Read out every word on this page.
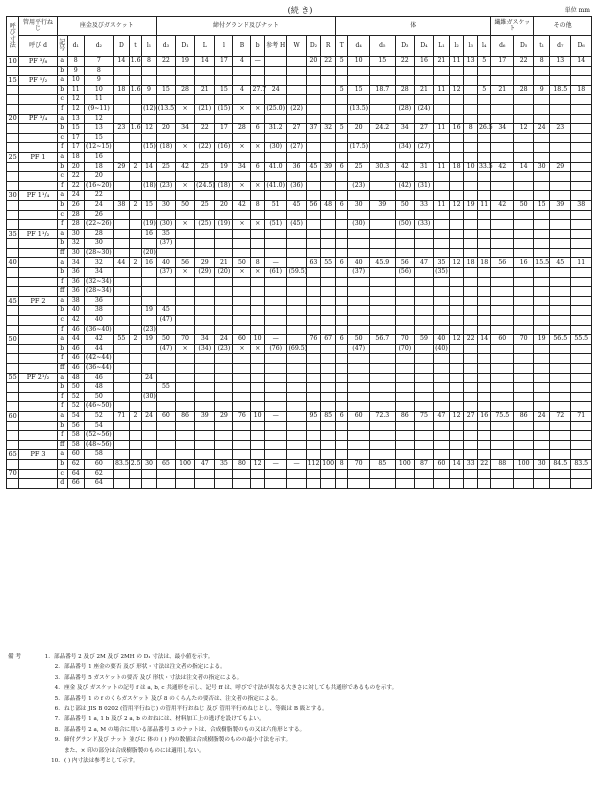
(続 き)	単位 mm
呼び寸法	管用平行ねじ	座金及びガスケット						締付グランド及びナット										体									繊維ガスケット		その他		
	呼び d	記号	d₁	d₂	D	t	l₁	d₃	D₁	L	l	B	b	参考 H	W	D₂	R	T	d₄	d₅	D₃	D₄	L₁	l₂	l₃	l₄	d₆	D₅	t₁	d₇	D₆
10	PF ³/₈	a	8	7	14	1.6	8	22	19	14	17	4	—			20	22	5	10	15	22	16	21	11	13	5	17	22	8	13	14
		b	9	8																											
15	PF ¹/₂	a	10	9																											
		b	11	10	18	1.6	9	15	28	21	15	4	27.7	24				5	15	18.7	28	21	11	12		5	21	28	9	18.5	18
		c	12	11																											
		f	12	(9~11)			(12)	(13.5)	×	(21)	(15)	×	×	(25.0)	(22)				(13.5)		(28)	(24)									
20	PF ³/₄	a	13	12																											
		b	15	13	23	1.6	12	20	34	22	17	28	6	31.2	27	37	32	5	20	24.2	34	27	11	16	8	26.5	34	12	24	23	
		c	17	15																											
		f	17	(12~15)			(15)	(18)	×	(22)	(16)	×	×	(30)	(27)				(17.5)		(34)	(27)									
25	PF 1	a	18	16																											
		b	20	18	29	2	14	25	42	25	19	34	6	41.0	36	45	39	6	25	30.3	42	31	11	18	10	33.5	42	14	30	29	
		c	22	20																											
		f	22	(16~20)			(18)	(23)	×	(24.5)	(18)	×	×	(41.0)	(36)				(23)		(42)	(31)									
30	PF 1¹/₄	a	24	22																											
		b	26	24	38	2	15	30	50	25	20	42	8	51	45	56	48	6	30	39	50	33	11	12	19	11	42	50	15	39	38
		c	28	26																											
		f	28	(22~26)			(19)	(30)	×	(25)	(19)	×	×	(51)	(45)				(30)		(50)	(33)									
35	PF 1¹/₂	a	30	28			16	35																							
		b	32	30				(37)																							
		ff	30	(28~30)			(20)																								
40		a	34	32	44	2	16	40	56	29	21	50	8	—		63	55	6	40	45.9	56	47	35	12	18	18	56	16	15.5	45	11
		b	36	34				(37)	×	(29)	(20)	×	×	(61)	(59.5)				(37)		(56)		(35)								
		f	36	(32~34)																											
		ff	36	(28~34)																											
45	PF 2	a	38	36																											
		b	40	38			19	45																							
		c	42	40				(47)																							
		f	46	(36~40)			(23)																								
50		a	44	42	55	2	19	50	70	34	24	60	10	—		76	67	6	50	56.7	70	59	40	12	22	14	60	70	19	56.5	55.5
		b	46	44				(47)	×	(34)	(23)	×	×	(76)	(69.5)				(47)		(70)		(40)								
		f	46	(42~44)																											
		ff	46	(36~44)																											
55	PF 2¹/₂	a	48	46			24																								
		b	50	48				55																							
		f	52	50			(30)																								
		f	52	(46~50)																											
60		a	54	52	71	2	24	60	86	39	29	76	10	—		95	85	6	60	72.3	86	75	47	12	27	16	75.5	86	24	72	71
		b	56	54																											
		f	58	(52~56)																											
		ff	58	(48~56)																											
65	PF 3	a	60	58																											
		b	62	60	83.5	2.5	30	65	100	47	35	80	12	—	—	112	100	8	70	85	100	87	60	14	33	22	88	100	30	84.5	83.5
70		c	64	62																											
		d	66	64																											
備 考	1. 部品番号 2 及び 2M 及び 2MH の D₁ 寸法は、最小値を示す。
2. 部品番号 1 座金の要否 及び 形状・寸法は注文者の指定による。
3. 部品番号 5 ガスケットの要否 及び 形状・寸法は注文者の指定による。
4. 座金 及び ガスケットの記号 f は a, b, c 共通形を示し、記号 ff は、呼びで寸法が異なる大きさに対しても共通形であるものを示す。
5. 部品番号 1 の f のくらガスケット 及び 8 のくらんたの要否は、注文者の指定による。
6. ねじ部は JIS B 0202 (管用平行ねじ) の管用平行おねじ 及び 管用平行めねじとし、等級は B 級とする。
7. 部品番号 1 a, 1 b 及び 2 a, b のおねには、材料加工上の逃げを設けてもよい。
8. 部品番号 2 a, M の場合に用いる部品番号 3 のナットは、合成樹脂製のもの又は六角形とする。
9. 締付グランド及び ナット 並びに 体の ( ) 内の数値は合成樹脂製のものの最小寸法を示す。
また、× 印の部分は合成樹脂製のものには適用しない。
10. ( ) 内寸法は参考として示す。
